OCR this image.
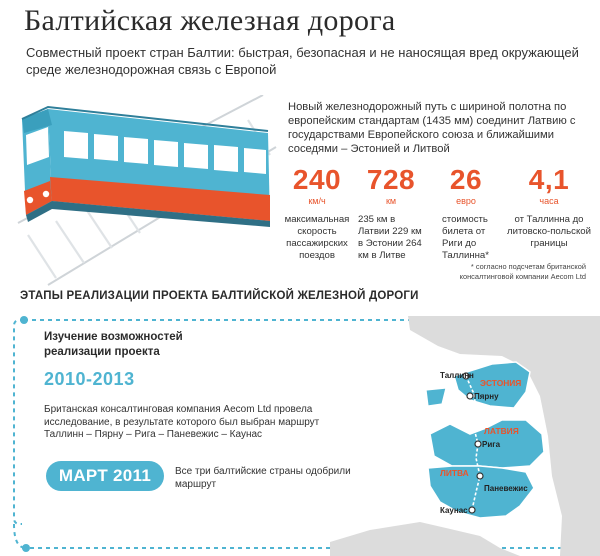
Балтийская железная дорога
Совместный проект стран Балтии: быстрая, безопасная и не наносящая вред окружающей среде железнодорожная связь с Европой
Новый железнодорожный путь с шириной полотна по европейским стандартам (1435 мм) соединит Латвию с государствами Европейского союза и ближайшими соседями – Эстонией и Литвой
240
км/ч
максимальная скорость пассажирских поездов
728
км
235 км в Латвии 229 км в Эстонии 264 км в Литве
26
евро
стоимость билета от Риги до Таллинна*
4,1
часа
от Таллинна до литовско-польской границы
* согласно подсчетам британской консалтинговой компании Aecom Ltd
ЭТАПЫ РЕАЛИЗАЦИИ ПРОЕКТА БАЛТИЙСКОЙ ЖЕЛЕЗНОЙ ДОРОГИ
Таллинн
Пярну
Рига
Паневежис
Каунас
ЭСТОНИЯ
ЛАТВИЯ
ЛИТВА
Изучение возможностей реализации проекта
2010-2013
Британская консалтинговая компания Aecom Ltd провела исследование, в результате которого был выбран маршрут Таллинн – Пярну – Рига – Паневежис – Каунас
МАРТ 2011	Все три балтийские страны одобрили маршрут
